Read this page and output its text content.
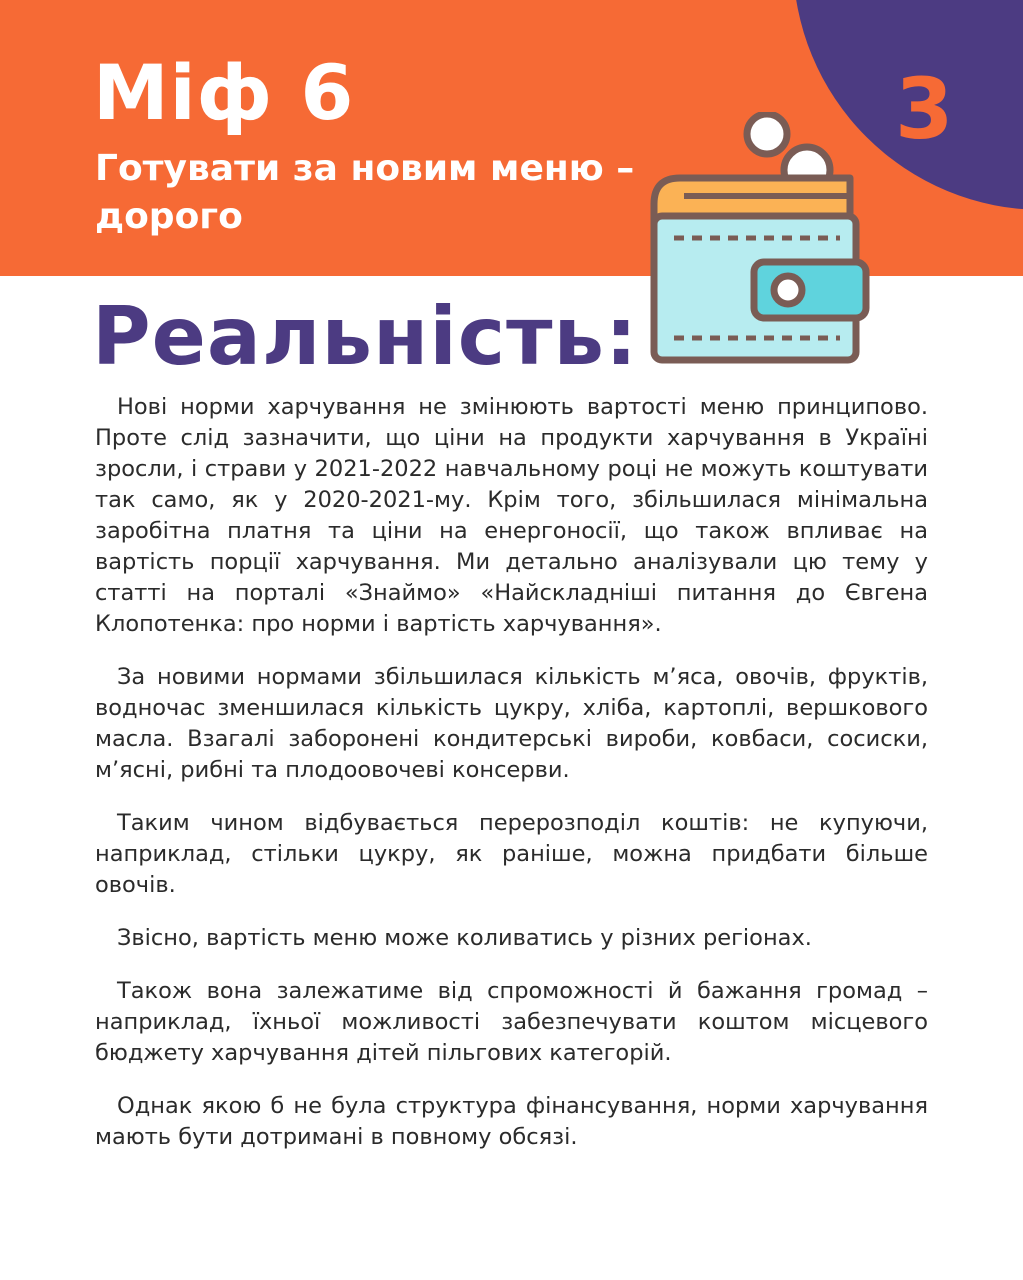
3
Міф 6
Готувати за новим меню – дорого
Реальність:

Нові норми харчування не змінюють вартості меню принципово. Проте слід зазначити, що ціни на продукти харчування в Україні зросли, і страви у 2021-2022 навчальному році не можуть коштувати так само, як у 2020-2021-му. Крім того, збільшилася мінімальна заробітна платня та ціни на енергоносії, що також впливає на вартість порції харчування. Ми детально аналізували цю тему у статті на порталі «Знаймо» «Найскладніші питання до Євгена Клопотенка: про норми і вартість харчування».

За новими нормами збільшилася кількість м’яса, овочів, фруктів, водночас зменшилася кількість цукру, хліба, картоплі, вершкового масла. Взагалі заборонені кондитерські вироби, ковбаси, сосиски, м’ясні, рибні та плодоовочеві консерви.

Таким чином відбувається перерозподіл коштів: не купуючи, наприклад, стільки цукру, як раніше, можна придбати більше овочів.

Звісно, вартість меню може коливатись у різних регіонах.

Також вона залежатиме від спроможності й бажання громад – наприклад, їхньої можливості забезпечувати коштом місцевого бюджету харчування дітей пільгових категорій.

Однак якою б не була структура фінансування, норми харчування мають бути дотримані в повному обсязі.
